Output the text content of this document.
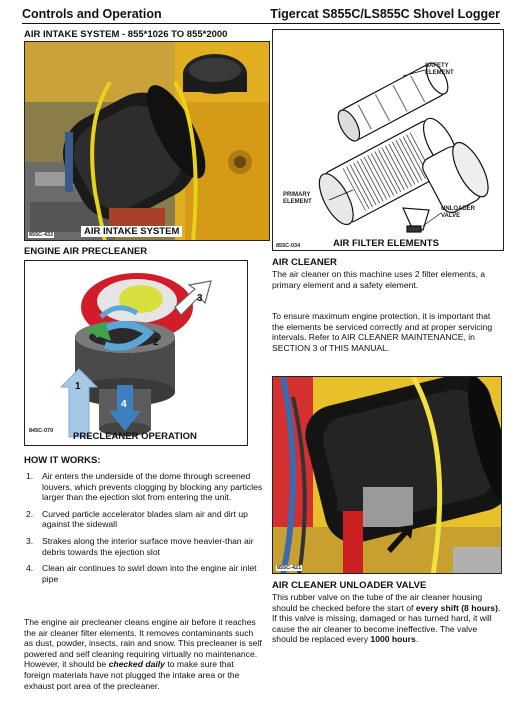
Controls and Operation	Tigercat S855C/LS855C Shovel Logger
AIR INTAKE SYSTEM - 855*1026 TO 855*2000
AIR INTAKE SYSTEM
855C-432
SAFETY ELEMENT
PRIMARY ELEMENT
UNLOADER VALVE
AIR FILTER ELEMENTS
855C-034
ENGINE AIR PRECLEANER
1
2
3
4
PRECLEANER OPERATION
845C-070
HOW IT WORKS:
1. Air enters the underside of the dome through screened louvers, which prevents clogging by blocking any particles larger than the ejection slot from entering the unit.
2. Curved particle accelerator blades slam air and dirt up against the sidewall
3. Strakes along the interior surface move heavier-than air debris towards the ejection slot
4. Clean air continues to swirl down into the engine air inlet pipe
The engine air precleaner cleans engine air before it reaches the air cleaner filter elements. It removes contaminants such as dust, powder, insects, rain and snow. This precleaner is self powered and self cleaning requiring virtually no maintenance. However, it should be checked daily to make sure that foreign materials have not plugged the intake area or the exhaust port area of the precleaner.
AIR CLEANER
The air cleaner on this machine uses 2 filter elements, a primary element and a safety element.
To ensure maximum engine protection, it is important that the elements be serviced correctly and at proper servicing intervals. Refer to AIR CLEANER MAINTENANCE, in SECTION 3 of THIS MANUAL.
855C-421
AIR CLEANER UNLOADER VALVE
This rubber valve on the tube of the air cleaner housing should be checked before the start of every shift (8 hours). If this valve is missing, damaged or has turned hard, it will cause the air cleaner to become ineffective. The valve should be replaced every 1000 hours.
